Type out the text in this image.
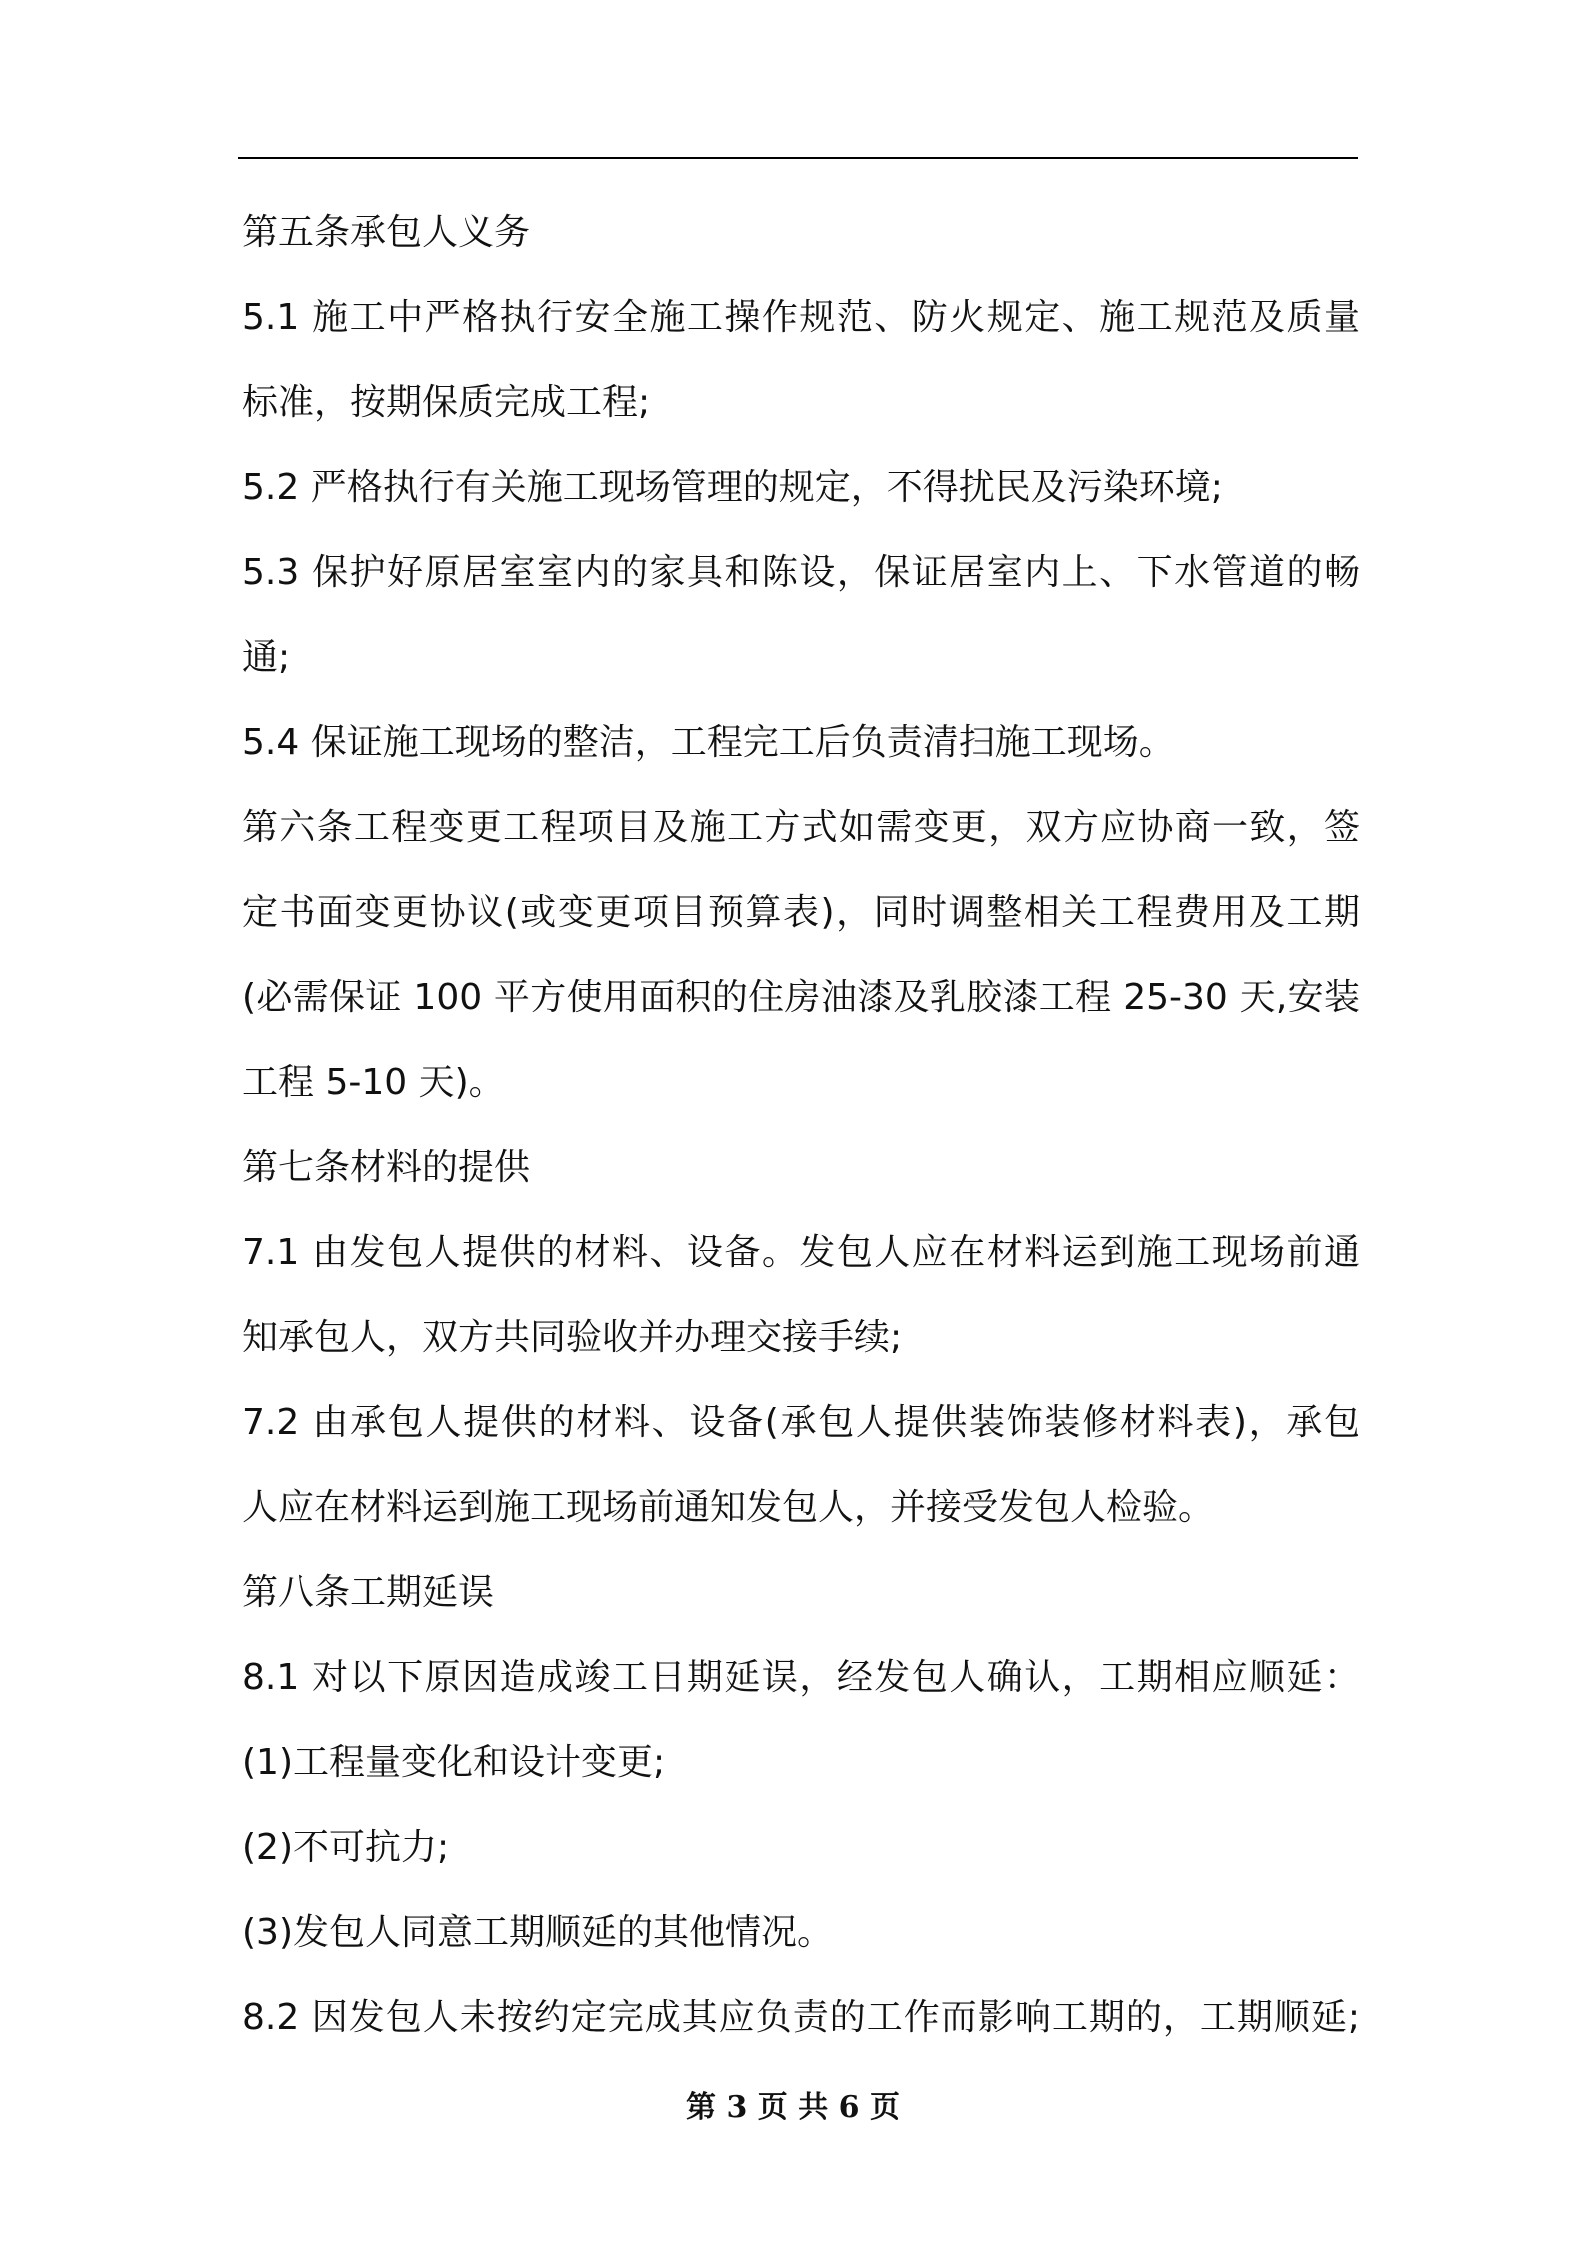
第五条承包人义务
5.1 施工中严格执行安全施工操作规范、防火规定、施工规范及质量
标准，按期保质完成工程;
5.2 严格执行有关施工现场管理的规定，不得扰民及污染环境;
5.3 保护好原居室室内的家具和陈设，保证居室内上、下水管道的畅
通;
5.4 保证施工现场的整洁，工程完工后负责清扫施工现场。
第六条工程变更工程项目及施工方式如需变更，双方应协商一致，签
定书面变更协议(或变更项目预算表)，同时调整相关工程费用及工期
(必需保证 100 平方使用面积的住房油漆及乳胶漆工程 25-30 天,安装
工程 5-10 天)。
第七条材料的提供
7.1 由发包人提供的材料、设备。发包人应在材料运到施工现场前通
知承包人，双方共同验收并办理交接手续;
7.2 由承包人提供的材料、设备(承包人提供装饰装修材料表)，承包
人应在材料运到施工现场前通知发包人，并接受发包人检验。
第八条工期延误
8.1 对以下原因造成竣工日期延误，经发包人确认，工期相应顺延：
(1)工程量变化和设计变更;
(2)不可抗力;
(3)发包人同意工期顺延的其他情况。
8.2 因发包人未按约定完成其应负责的工作而影响工期的，工期顺延;
第 3 页 共 6 页
